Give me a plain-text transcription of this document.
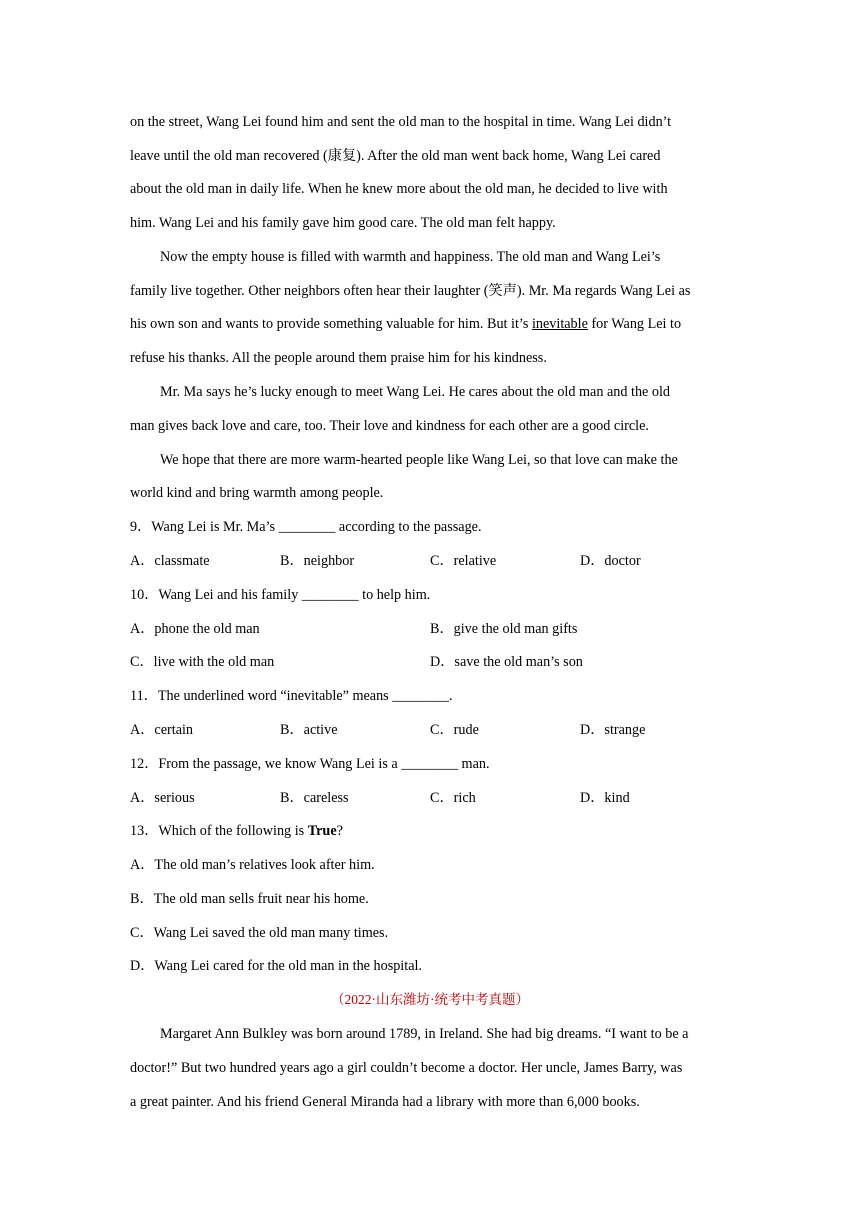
on the street, Wang Lei found him and sent the old man to the hospital in time. Wang Lei didn’t
leave until the old man recovered (康复). After the old man went back home, Wang Lei cared
about the old man in daily life. When he knew more about the old man, he decided to live with
him. Wang Lei and his family gave him good care. The old man felt happy.
Now the empty house is filled with warmth and happiness. The old man and Wang Lei’s
family live together. Other neighbors often hear their laughter (笑声). Mr. Ma regards Wang Lei as
his own son and wants to provide something valuable for him. But it’s inevitable for Wang Lei to
refuse his thanks. All the people around them praise him for his kindness.
Mr. Ma says he’s lucky enough to meet Wang Lei. He cares about the old man and the old
man gives back love and care, too. Their love and kindness for each other are a good circle.
We hope that there are more warm-hearted people like Wang Lei, so that love can make the
world kind and bring warmth among people.
9．Wang Lei is Mr. Ma’s ________ according to the passage.
A．classmate	B．neighbor	C．relative	D．doctor
10．Wang Lei and his family ________ to help him.
A．phone the old man	B．give the old man gifts
C．live with the old man	D．save the old man’s son
11．The underlined word “inevitable” means ________.
A．certain	B．active	C．rude	D．strange
12．From the passage, we know Wang Lei is a ________ man.
A．serious	B．careless	C．rich	D．kind
13．Which of the following is True?
A．The old man’s relatives look after him.
B．The old man sells fruit near his home.
C．Wang Lei saved the old man many times.
D．Wang Lei cared for the old man in the hospital.
（2022·山东潍坊·统考中考真题）
Margaret Ann Bulkley was born around 1789, in Ireland. She had big dreams. “I want to be a
doctor!” But two hundred years ago a girl couldn’t become a doctor. Her uncle, James Barry, was
a great painter. And his friend General Miranda had a library with more than 6,000 books.
